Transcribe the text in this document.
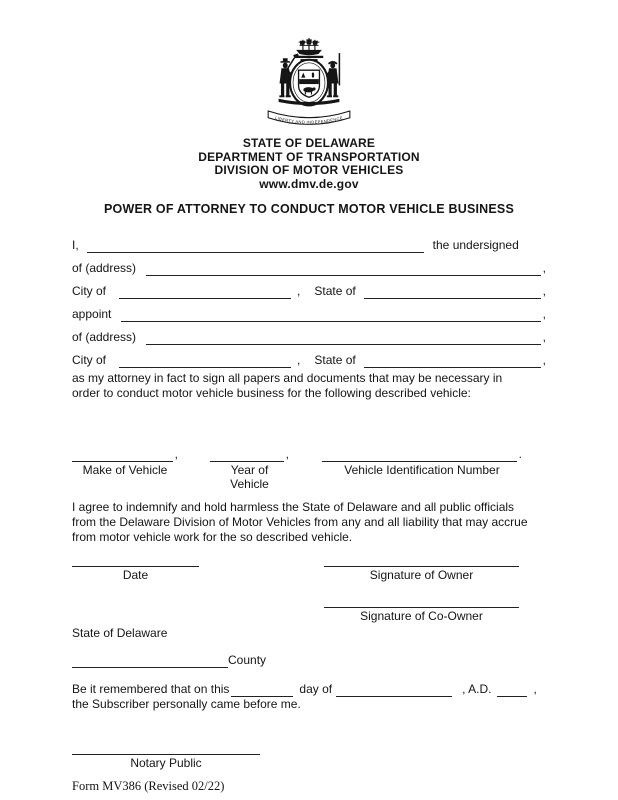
LIBERTY AND INDEPENDENCE
STATE OF DELAWARE
DEPARTMENT OF TRANSPORTATION
DIVISION OF MOTOR VEHICLES
www.dmv.de.gov
POWER OF ATTORNEY TO CONDUCT MOTOR VEHICLE BUSINESS
I,	the undersigned
of (address)	,
City of	, State of	,
appoint	,
of (address)	,
City of	, State of	,
as my attorney in fact to sign all papers and documents that may be necessary in
order to conduct motor vehicle business for the following described vehicle:
,
Make of Vehicle
,
Year of Vehicle
.
Vehicle Identification Number
I agree to indemnify and hold harmless the State of Delaware and all public officials
from the Delaware Division of Motor Vehicles from any and all liability that may accrue
from motor vehicle work for the so described vehicle.
Date	Signature of Owner
Signature of Co-Owner
State of Delaware
County
Be it remembered that on this	day of	, A.D.	,
the Subscriber personally came before me.
Notary Public
Form MV386 (Revised 02/22)
